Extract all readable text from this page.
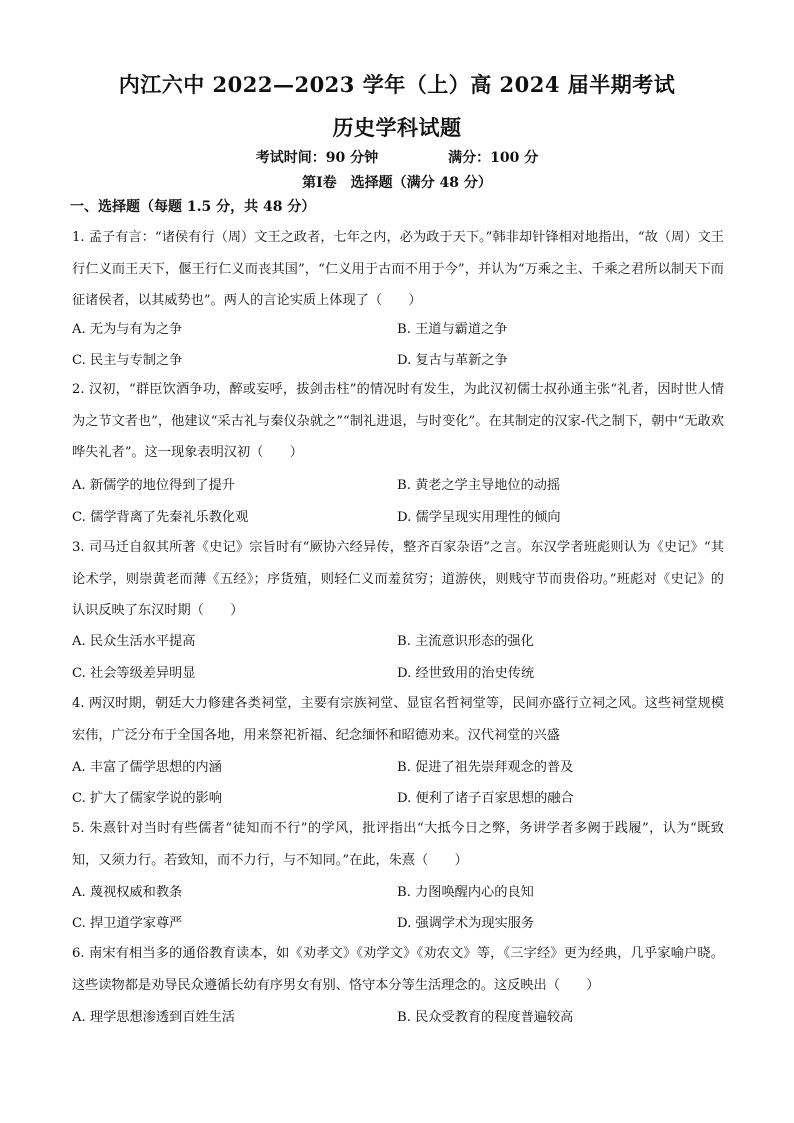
内江六中 2022—2023 学年（上）高 2024 届半期考试
历史学科试题
考试时间：90 分钟	满分：100 分
第Ⅰ卷　选择题（满分 48 分）
一、选择题（每题 1.5 分，共 48 分）
1. 孟子有言：“诸侯有行（周）文王之政者，七年之内，必为政于天下。”韩非却针锋相对地指出，“故（周）文王行仁义而王天下，偃王行仁义而丧其国”，“仁义用于古而不用于今”，并认为“万乘之主、千乘之君所以制天下而征诸侯者，以其威势也”。两人的言论实质上体现了（　　）
A. 无为与有为之争	B. 王道与霸道之争
C. 民主与专制之争	D. 复古与革新之争
2. 汉初，“群臣饮酒争功，醉或妄呼，拔剑击柱”的情况时有发生，为此汉初儒士叔孙通主张“礼者，因时世人情为之节文者也”，他建议“采古礼与秦仪杂就之”“制礼进退，与时变化”。在其制定的汉家-代之制下，朝中“无敢欢哗失礼者”。这一现象表明汉初（　　）
A. 新儒学的地位得到了提升	B. 黄老之学主导地位的动摇
C. 儒学背离了先秦礼乐教化观	D. 儒学呈现实用理性的倾向
3. 司马迁自叙其所著《史记》宗旨时有“厥协六经异传，整齐百家杂语”之言。东汉学者班彪则认为《史记》“其论术学，则崇黄老而薄《五经》；序货殖，则轻仁义而羞贫穷；道游侠，则贱守节而贵俗功。”班彪对《史记》的认识反映了东汉时期（　　）
A. 民众生活水平提高	B. 主流意识形态的强化
C. 社会等级差异明显	D. 经世致用的治史传统
4. 两汉时期，朝廷大力修建各类祠堂，主要有宗族祠堂、显宦名哲祠堂等，民间亦盛行立祠之风。这些祠堂规模宏伟，广泛分布于全国各地，用来祭祀祈福、纪念缅怀和昭德劝来。汉代祠堂的兴盛
A. 丰富了儒学思想的内涵	B. 促进了祖先崇拜观念的普及
C. 扩大了儒家学说的影响	D. 便利了诸子百家思想的融合
5. 朱熹针对当时有些儒者“徒知而不行”的学风，批评指出“大抵今日之弊，务讲学者多阙于践履”，认为“既致知，又须力行。若致知，而不力行，与不知同。”在此，朱熹（　　）
A. 蔑视权威和教条	B. 力图唤醒内心的良知
C. 捍卫道学家尊严	D. 强调学术为现实服务
6. 南宋有相当多的通俗教育读本，如《劝孝文》《劝学文》《劝农文》等，《三字经》更为经典，几乎家喻户晓。这些读物都是劝导民众遵循长幼有序男女有别、恪守本分等生活理念的。这反映出（　　）
A. 理学思想渗透到百姓生活	B. 民众受教育的程度普遍较高
